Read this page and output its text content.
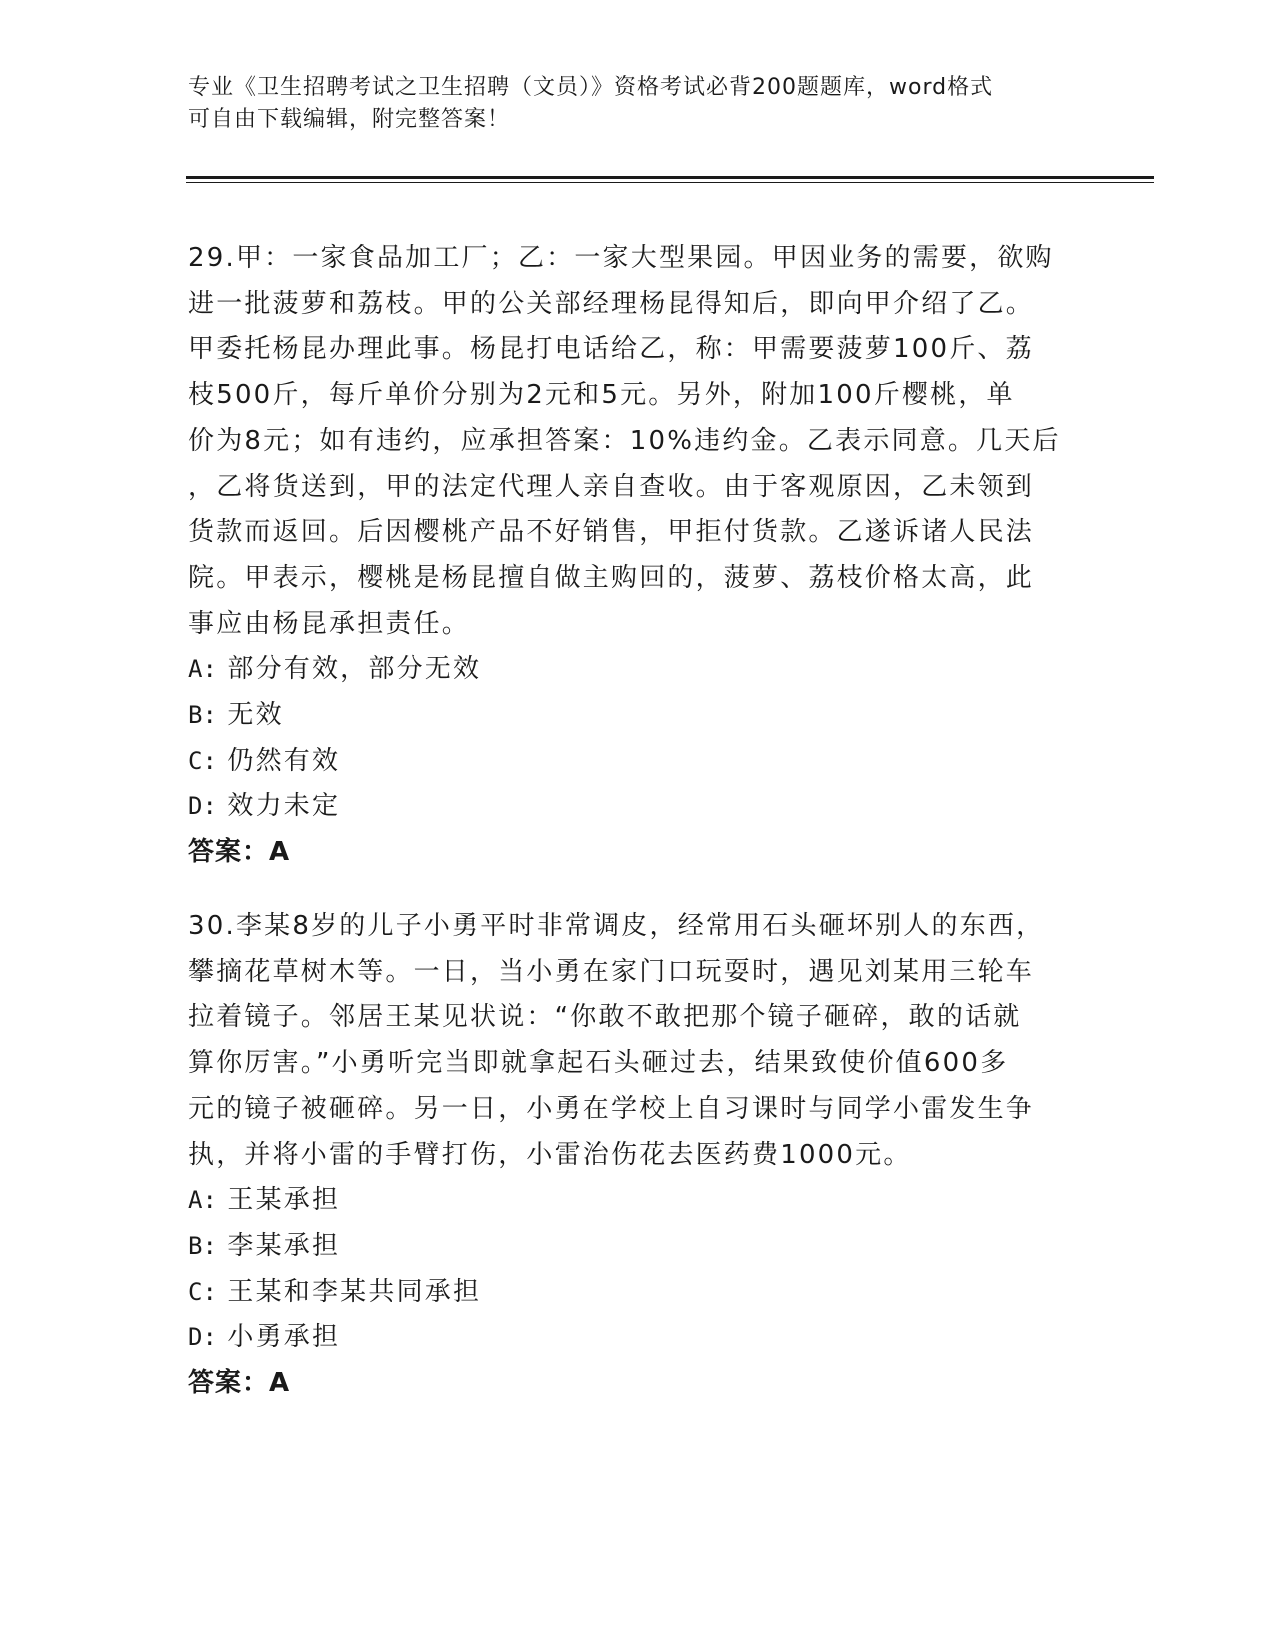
专业《卫生招聘考试之卫生招聘（文员）》资格考试必背200题题库，word格式

可自由下载编辑，附完整答案！

29.甲：一家食品加工厂；乙：一家大型果园。甲因业务的需要，欲购
进一批菠萝和荔枝。甲的公关部经理杨昆得知后，即向甲介绍了乙。
甲委托杨昆办理此事。杨昆打电话给乙，称：甲需要菠萝100斤、荔
枝500斤，每斤单价分别为2元和5元。另外，附加100斤樱桃，单
价为8元；如有违约，应承担答案：10%违约金。乙表示同意。几天后
，乙将货送到，甲的法定代理人亲自查收。由于客观原因，乙未领到
货款而返回。后因樱桃产品不好销售，甲拒付货款。乙遂诉诸人民法
院。甲表示，樱桃是杨昆擅自做主购回的，菠萝、荔枝价格太高，此
事应由杨昆承担责任。

A: 部分有效，部分无效

B: 无效

C: 仍然有效

D: 效力未定

答案：A

30.李某8岁的儿子小勇平时非常调皮，经常用石头砸坏别人的东西，
攀摘花草树木等。一日，当小勇在家门口玩耍时，遇见刘某用三轮车
拉着镜子。邻居王某见状说：“你敢不敢把那个镜子砸碎，敢的话就
算你厉害。”小勇听完当即就拿起石头砸过去，结果致使价值600多
元的镜子被砸碎。另一日，小勇在学校上自习课时与同学小雷发生争
执，并将小雷的手臂打伤，小雷治伤花去医药费1000元。

A: 王某承担

B: 李某承担

C: 王某和李某共同承担

D: 小勇承担

答案：A
